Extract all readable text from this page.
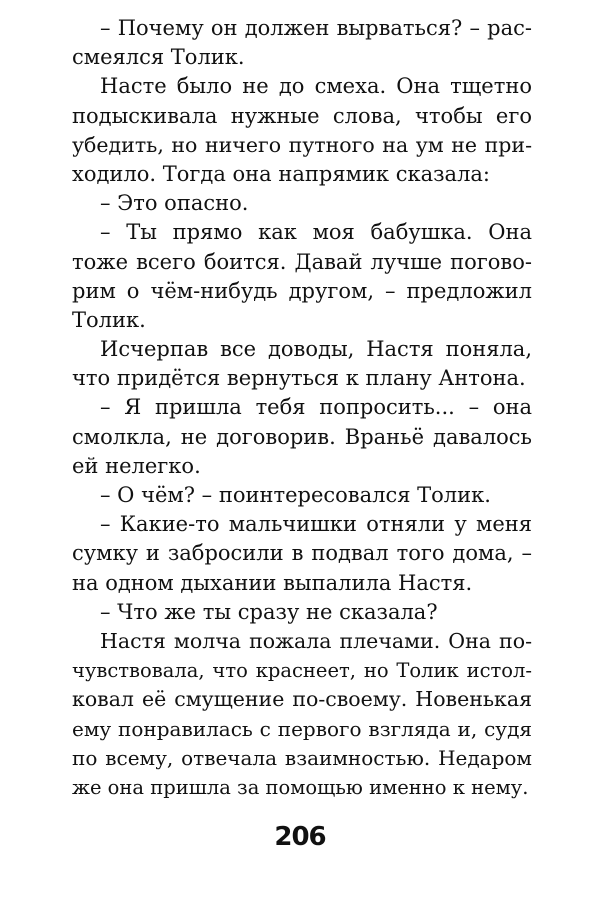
– Почему он должен вырваться? – рас-
смеялся Толик.
Насте было не до смеха. Она тщетно
подыскивала нужные слова, чтобы его
убедить, но ничего путного на ум не при-
ходило. Тогда она напрямик сказала:
– Это опасно.
– Ты прямо как моя бабушка. Она
тоже всего боится. Давай лучше погово-
рим о чём-нибудь другом, – предложил
Толик.
Исчерпав все доводы, Настя поняла,
что придётся вернуться к плану Антона.
– Я пришла тебя попросить... – она
смолкла, не договорив. Враньё давалось
ей нелегко.
– О чём? – поинтересовался Толик.
– Какие-то мальчишки отняли у меня
сумку и забросили в подвал того дома, –
на одном дыхании выпалила Настя.
– Что же ты сразу не сказала?
Настя молча пожала плечами. Она по-
чувствовала, что краснеет, но Толик истол-
ковал её смущение по-своему. Новенькая
ему понравилась с первого взгляда и, судя
по всему, отвечала взаимностью. Недаром
же она пришла за помощью именно к нему.
206
